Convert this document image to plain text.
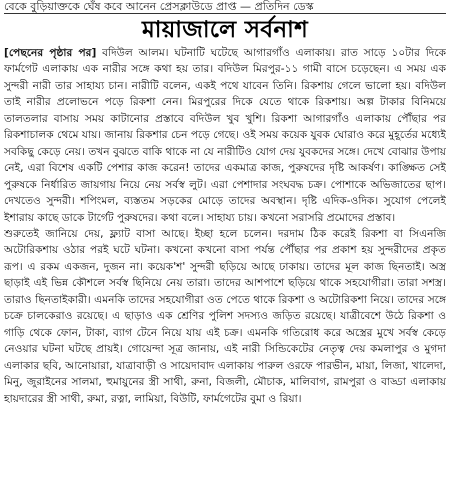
বেকে বুড়িয়াক্তকে ঘেঁষ কবে আনেন প্রেসক্লাউডে প্রাপ্ত — প্রতিদিন ডেস্ক
মায়াজালে সর্বনাশ

[পেছনের পৃষ্ঠার পর] বদিউল আলম। ঘটনাটি ঘটেছে আগারগাঁও এলাকায়। রাত সাড়ে ১০টার দিকে ফার্মগেট এলাকায় এক নারীর সঙ্গে কথা হয় তার। বদিউল মিরপুর-১১ গামী বাসে চড়েছেন। এ সময় এক সুন্দরী নারী তার সাহায্য চান। নারীটি বলেন, একই পথে যাবেন তিনি। রিকশায় গেলে ভালো হয়। বদিউল তাই নারীর প্রলোভনে পড়ে রিকশা নেন। মিরপুরের দিকে যেতে থাকে রিকশায়। অল্প টাকার বিনিময়ে তালতলার বাসায় সময় কাটানোর প্রস্তাবে বদিউল খুব খুশি। রিকশা আগারগাঁও এলাকায় পৌঁছার পর রিকশাচালক থেমে যায়। জানায় রিকশার চেন পড়ে গেছে। ওই সময় কয়েক যুবক ঘোরাও করে মুহূর্তের মধ্যেই সবকিছু কেড়ে নেয়। তখন বুঝতে বাকি থাকে না যে নারীটিও যোগ দেয় যুবকদের সঙ্গে। দেখে বোঝার উপায় নেই, এরা বিশেষ একটি পেশার কাজ করেন! তাদের একমাত্র কাজ, পুরুষদের দৃষ্টি আকর্ষণ। কাঙ্ক্ষিত সেই পুরুষকে নির্ধারিত জায়গায় নিয়ে নেয় সর্বস্ব লুট। এরা পেশাদার সংঘবদ্ধ চক্র। পোশাকে অভিজাতের ছাপ। দেখতেও সুন্দরী। শপিংমল, ব্যস্ততম সড়কের মোড়ে তাদের অবস্থান। দৃষ্টি এদিক-ওদিক। সুযোগ পেলেই ইশারায় কাছে ডাকে টার্গেট পুরুষদের। কথা বলে। সাহায্য চায়। কখনো সরাসরি প্রমোদের প্রস্তাব।

শুরুতেই জানিয়ে দেয়, ফ্ল্যাট বাসা আছে। ইচ্ছা হলে চলেন। দরদাম ঠিক করেই রিকশা বা সিএনজি অটোরিকশায় ওঠার পরই ঘটে ঘটনা। কখনো কখনো বাসা পর্যন্ত পৌঁছার পর প্রকাশ হয় সুন্দরীদের প্রকৃত রূপ। এ রকম একজন, দুজন না। কয়েক'শ' সুন্দরী ছড়িয়ে আছে ঢাকায়। তাদের মূল কাজ ছিনতাই। অস্ত্র ছাড়াই এই ভিন্ন কৌশলে সর্বস্ব ছিনিয়ে নেয় তারা। তাদের আশপাশে ছড়িয়ে থাকে সহযোগীরা। তারা সশস্ত্র। তারাও ছিনতাইকারী। এমনকি তাদের সহযোগীরা ওত পেতে থাকে রিকশা ও অটোরিকশা নিয়ে। তাদের সঙ্গে চক্রে চালকেরাও রয়েছে। এ ছাড়াও এক শ্রেণির পুলিশ সদস্যও জড়িত রয়েছে। যাত্রীবেশে উঠে রিকশা ও গাড়ি থেকে ফোন, টাকা, ব্যাগ টেনে নিয়ে যায় এই চক্র। এমনকি গতিরোধ করে অস্ত্রের মুখে সর্বস্ব কেড়ে নেওয়ার ঘটনা ঘটছে প্রায়ই। গোয়েন্দা সূত্র জানায়, এই নারী সিন্ডিকেটের নেতৃত্ব দেয় কমলাপুর ও মুগদা এলাকার ছবি, আনোয়ারা, যাত্রাবাড়ী ও সায়েদাবাদ এলাকায় পারুল ওরফে পারভীন, মায়া, লিজা, খালেদা, মিনু, জুরাইনের সালমা, হুমায়ুনের স্ত্রী সাথী, রুনা, বিজলী, মৌচাক, মালিবাগ, রামপুরা ও বাড্ডা এলাকায় হায়দারের স্ত্রী সাথী, রুমা, রত্না, লামিয়া, বিউটি, ফার্মগেটের বুমা ও রিয়া।
